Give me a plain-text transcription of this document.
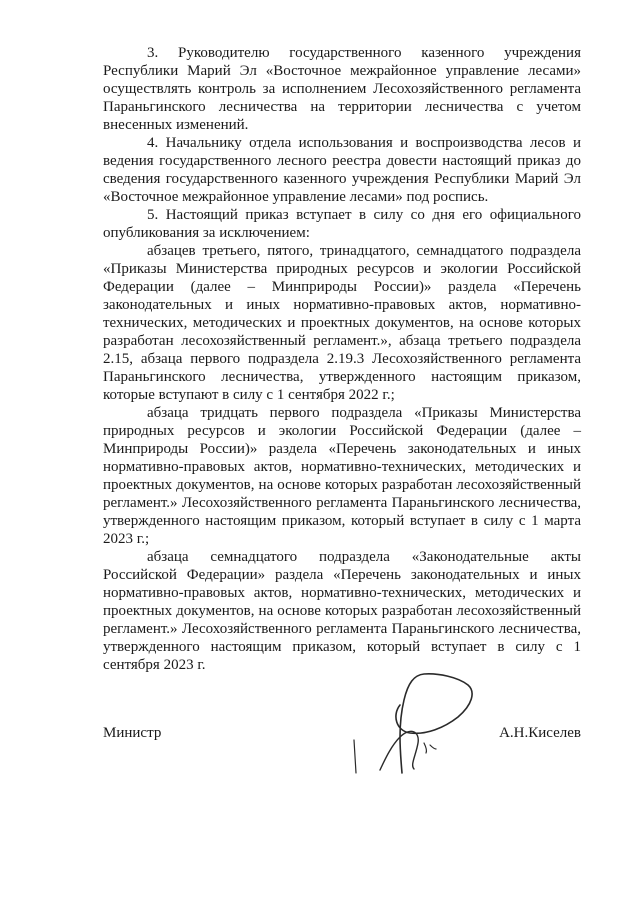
3. Руководителю государственного казенного учреждения Республики Марий Эл «Восточное межрайонное управление лесами» осуществлять контроль за исполнением Лесохозяйственного регламента Параньгинского лесничества на территории лесничества с учетом внесенных изменений.

4. Начальнику отдела использования и воспроизводства лесов и ведения государственного лесного реестра довести настоящий приказ до сведения государственного казенного учреждения Республики Марий Эл «Восточное межрайонное управление лесами» под роспись.

5. Настоящий приказ вступает в силу со дня его официального опубликования за исключением:

абзацев третьего, пятого, тринадцатого, семнадцатого подраздела «Приказы Министерства природных ресурсов и экологии Российской Федерации (далее – Минприроды России)» раздела «Перечень законодательных и иных нормативно-правовых актов, нормативно-технических, методических и проектных документов, на основе которых разработан лесохозяйственный регламент.», абзаца третьего подраздела 2.15, абзаца первого подраздела 2.19.3 Лесохозяйственного регламента Параньгинского лесничества, утвержденного настоящим приказом, которые вступают в силу с 1 сентября 2022 г.;

абзаца тридцать первого подраздела «Приказы Министерства природных ресурсов и экологии Российской Федерации (далее – Минприроды России)» раздела «Перечень законодательных и иных нормативно-правовых актов, нормативно-технических, методических и проектных документов, на основе которых разработан лесохозяйственный регламент.» Лесохозяйственного регламента Параньгинского лесничества, утвержденного настоящим приказом, который вступает в силу с 1 марта 2023 г.;

абзаца семнадцатого подраздела «Законодательные акты Российской Федерации» раздела «Перечень законодательных и иных нормативно-правовых актов, нормативно-технических, методических и проектных документов, на основе которых разработан лесохозяйственный регламент.» Лесохозяйственного регламента Параньгинского лесничества, утвержденного настоящим приказом, который вступает в силу с 1 сентября 2023 г.

Министр	А.Н.Киселев
